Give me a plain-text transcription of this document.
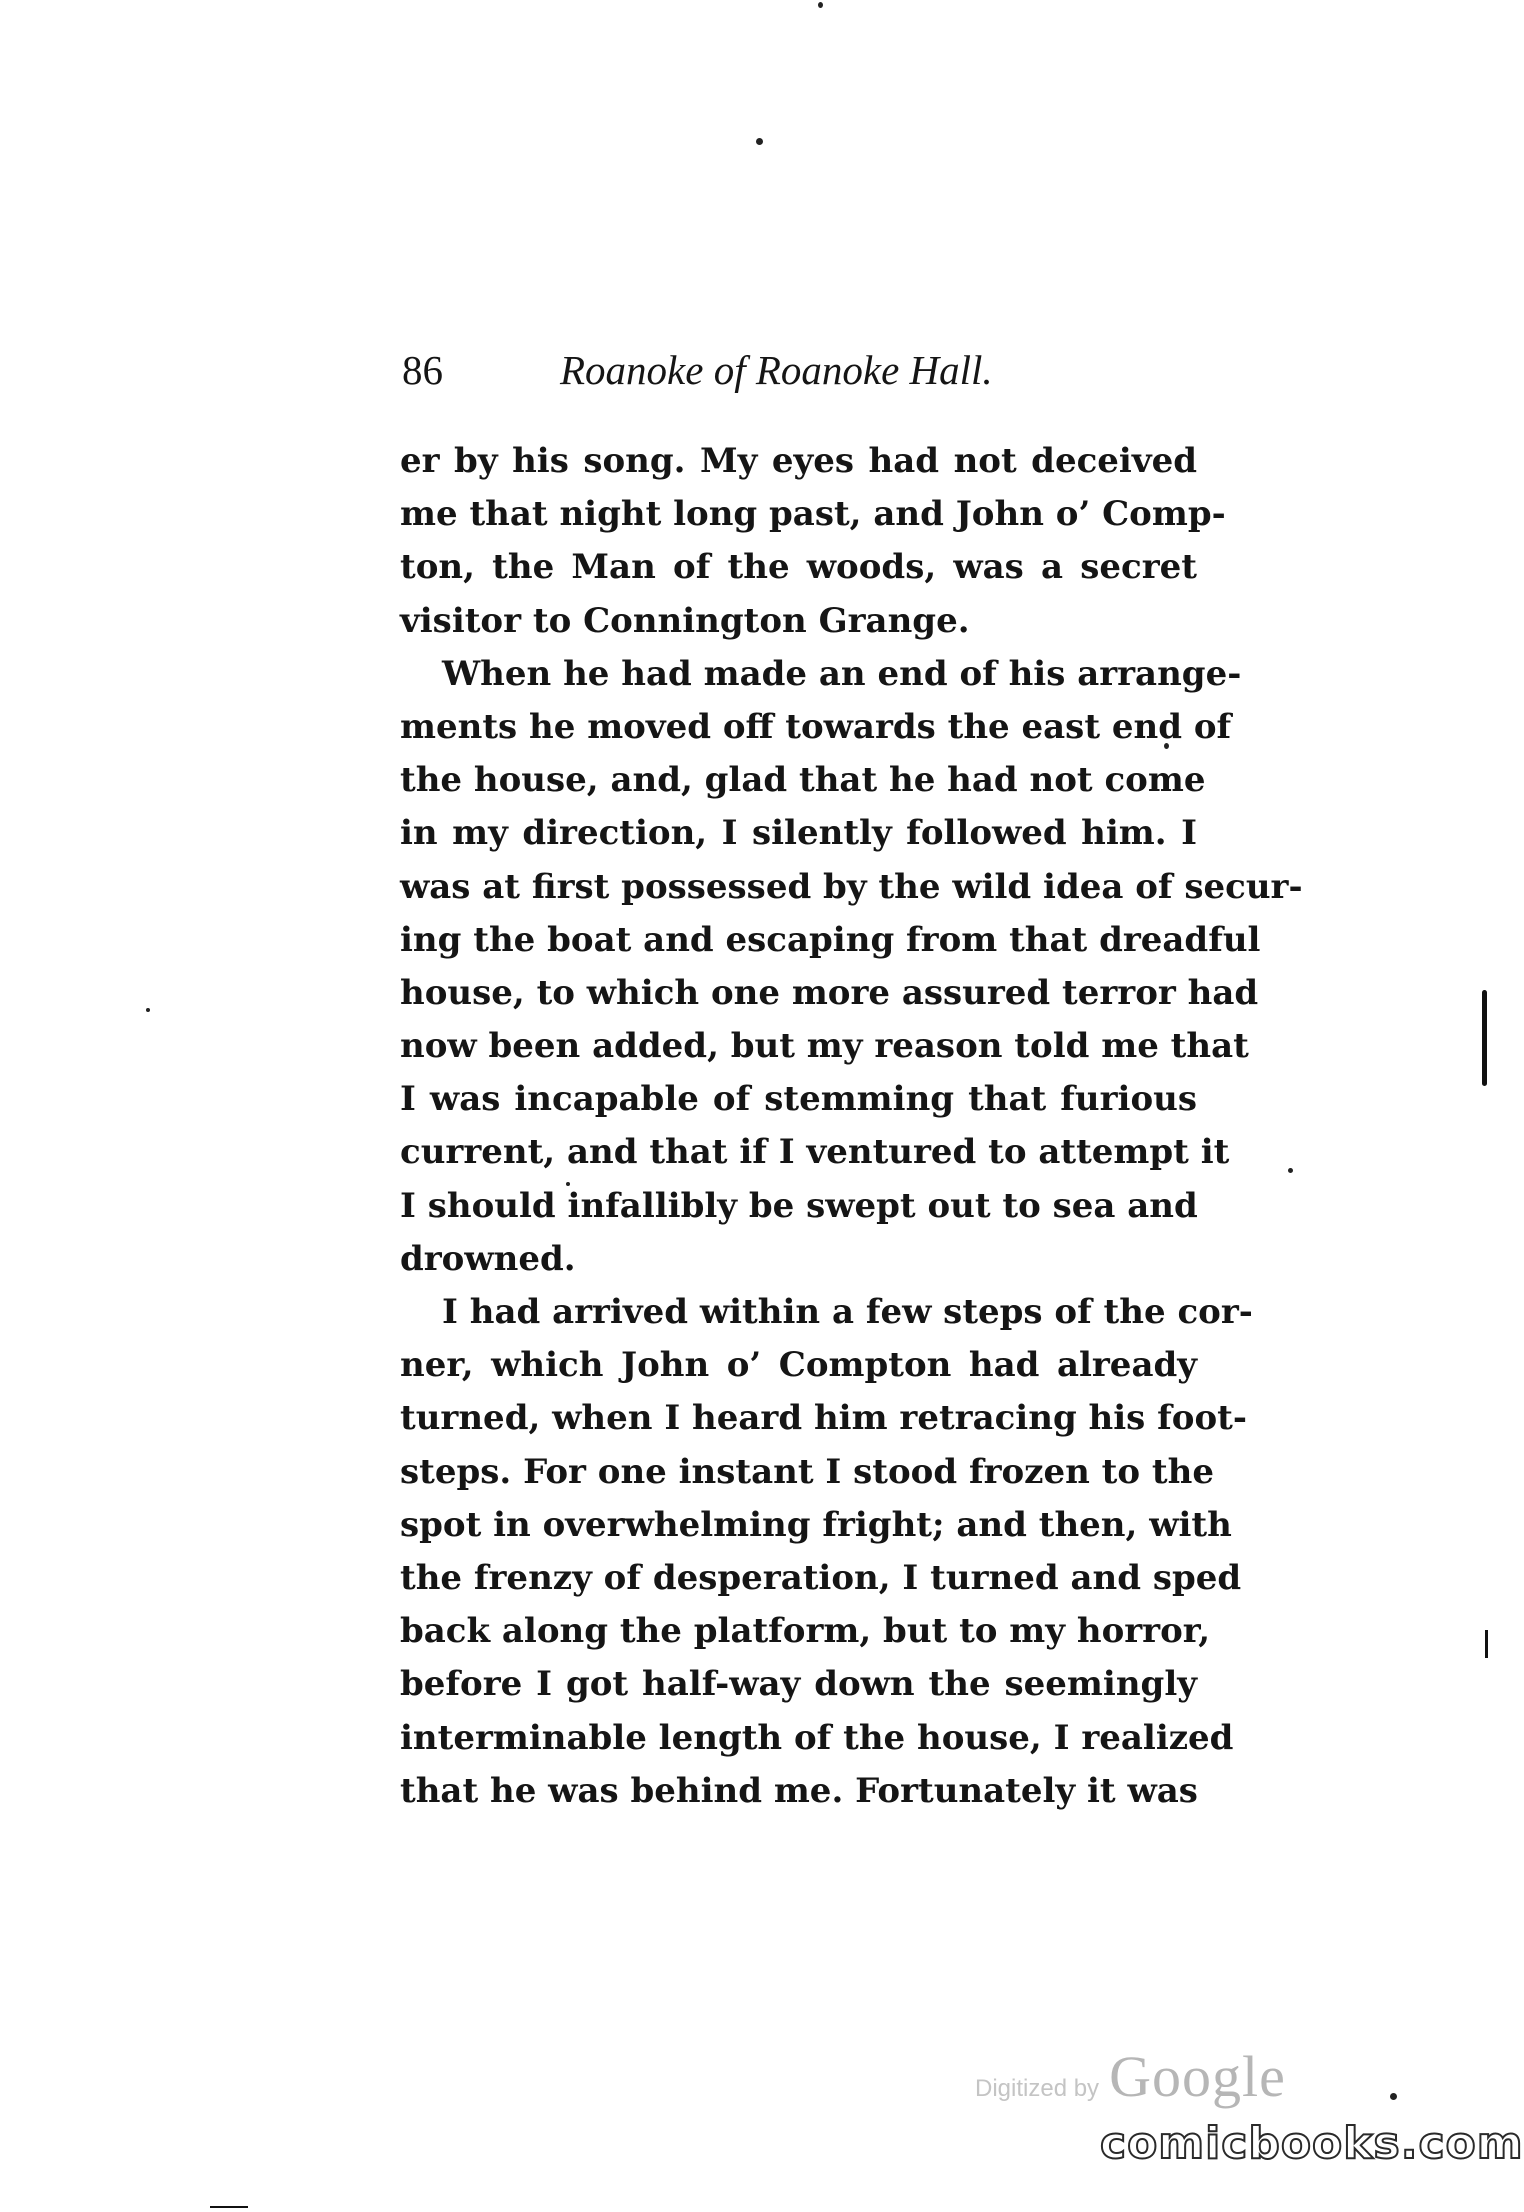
86	Roanoke of Roanoke Hall.
er by his song. My eyes had not deceived
me that night long past, and John o’ Comp-
ton, the Man of the woods, was a secret
visitor to Connington Grange.
When he had made an end of his arrange-
ments he moved off towards the east end of
the house, and, glad that he had not come
in my direction, I silently followed him. I
was at first possessed by the wild idea of secur-
ing the boat and escaping from that dreadful
house, to which one more assured terror had
now been added, but my reason told me that
I was incapable of stemming that furious
current, and that if I ventured to attempt it
I should infallibly be swept out to sea and
drowned.
I had arrived within a few steps of the cor-
ner, which John o’ Compton had already
turned, when I heard him retracing his foot-
steps. For one instant I stood frozen to the
spot in overwhelming fright; and then, with
the frenzy of desperation, I turned and sped
back along the platform, but to my horror,
before I got half-way down the seemingly
interminable length of the house, I realized
that he was behind me. Fortunately it was
Digitized by Google
comicbooks.com
